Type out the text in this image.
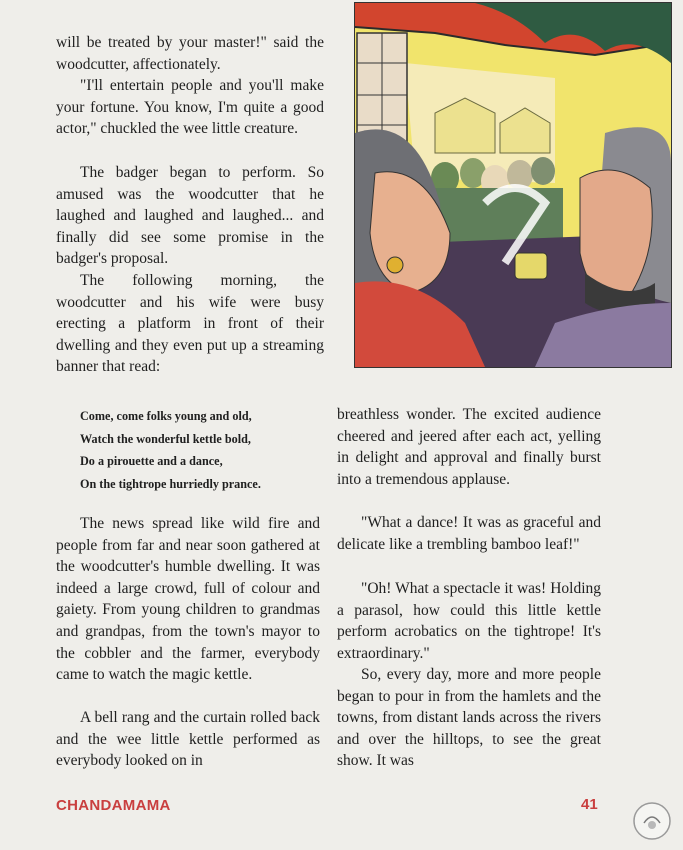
will be treated by your master!" said the woodcutter, affectionately.

"I'll entertain people and you'll make your fortune. You know, I'm quite a good actor," chuckled the wee little creature.

The badger began to perform. So amused was the woodcutter that he laughed and laughed and laughed... and finally did see some promise in the badger's proposal.

The following morning, the woodcutter and his wife were busy erecting a platform in front of their dwelling and they even put up a streaming banner that read:

Come, come folks young and old,
Watch the wonderful kettle bold,
Do a pirouette and a dance,
On the tightrope hurriedly prance.

The news spread like wild fire and people from far and near soon gathered at the woodcutter's humble dwelling. It was indeed a large crowd, full of colour and gaiety. From young children to grandmas and grandpas, from the town's mayor to the cobbler and the farmer, everybody came to watch the magic kettle.

A bell rang and the curtain rolled back and the wee little kettle performed as everybody looked on in

breathless wonder. The excited audience cheered and jeered after each act, yelling in delight and approval and finally burst into a tremendous applause.

"What a dance! It was as graceful and delicate like a trembling bamboo leaf!"

"Oh! What a spectacle it was! Holding a parasol, how could this little kettle perform acrobatics on the tightrope! It's extraordinary."

So, every day, more and more people began to pour in from the hamlets and the towns, from distant lands across the rivers and over the hilltops, to see the great show. It was

CHANDAMAMA	41
